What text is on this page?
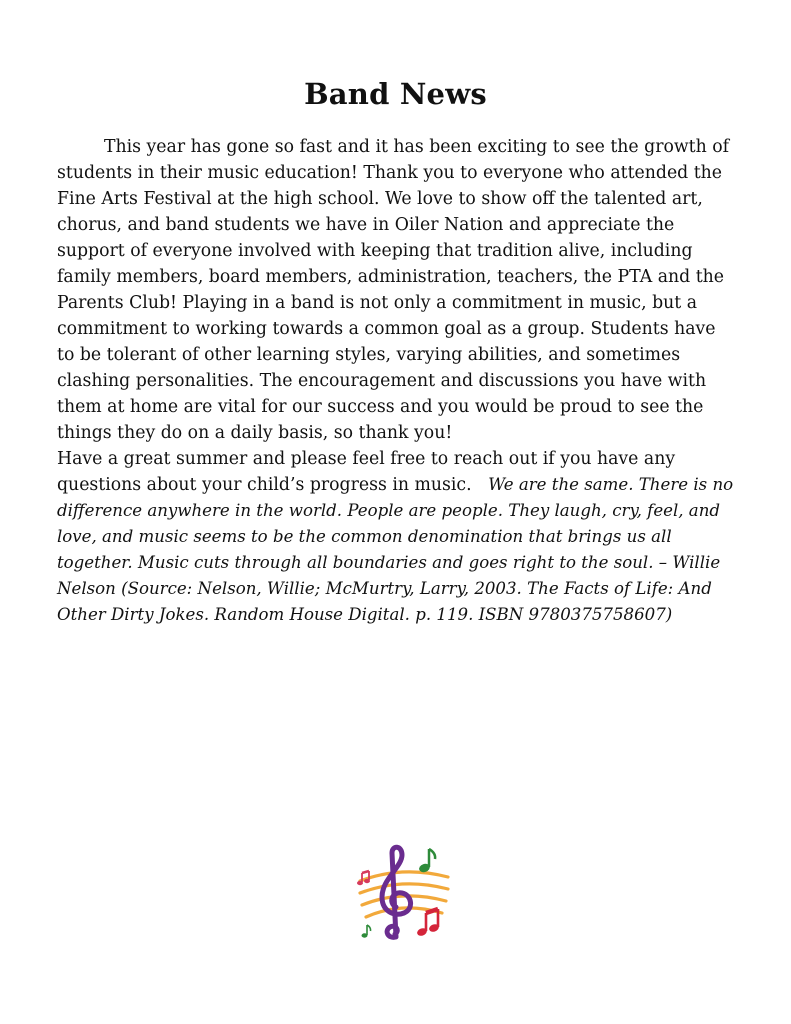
Band News

This year has gone so fast and it has been exciting to see the growth of students in their music education! Thank you to everyone who attended the Fine Arts Festival at the high school. We love to show off the talented art, chorus, and band students we have in Oiler Nation and appreciate the support of everyone involved with keeping that tradition alive, including family members, board members, administration, teachers, the PTA and the Parents Club! Playing in a band is not only a commitment in music, but a commitment to working towards a common goal as a group. Students have to be tolerant of other learning styles, varying abilities, and sometimes clashing personalities. The encouragement and discussions you have with them at home are vital for our success and you would be proud to see the things they do on a daily basis, so thank you!

Have a great summer and please feel free to reach out if you have any questions about your child’s progress in music. We are the same. There is no difference anywhere in the world. People are people. They laugh, cry, feel, and love, and music seems to be the common denomination that brings us all together. Music cuts through all boundaries and goes right to the soul. – Willie Nelson (Source: Nelson, Willie; McMurtry, Larry, 2003. The Facts of Life: And Other Dirty Jokes. Random House Digital. p. 119. ISBN 9780375758607)
